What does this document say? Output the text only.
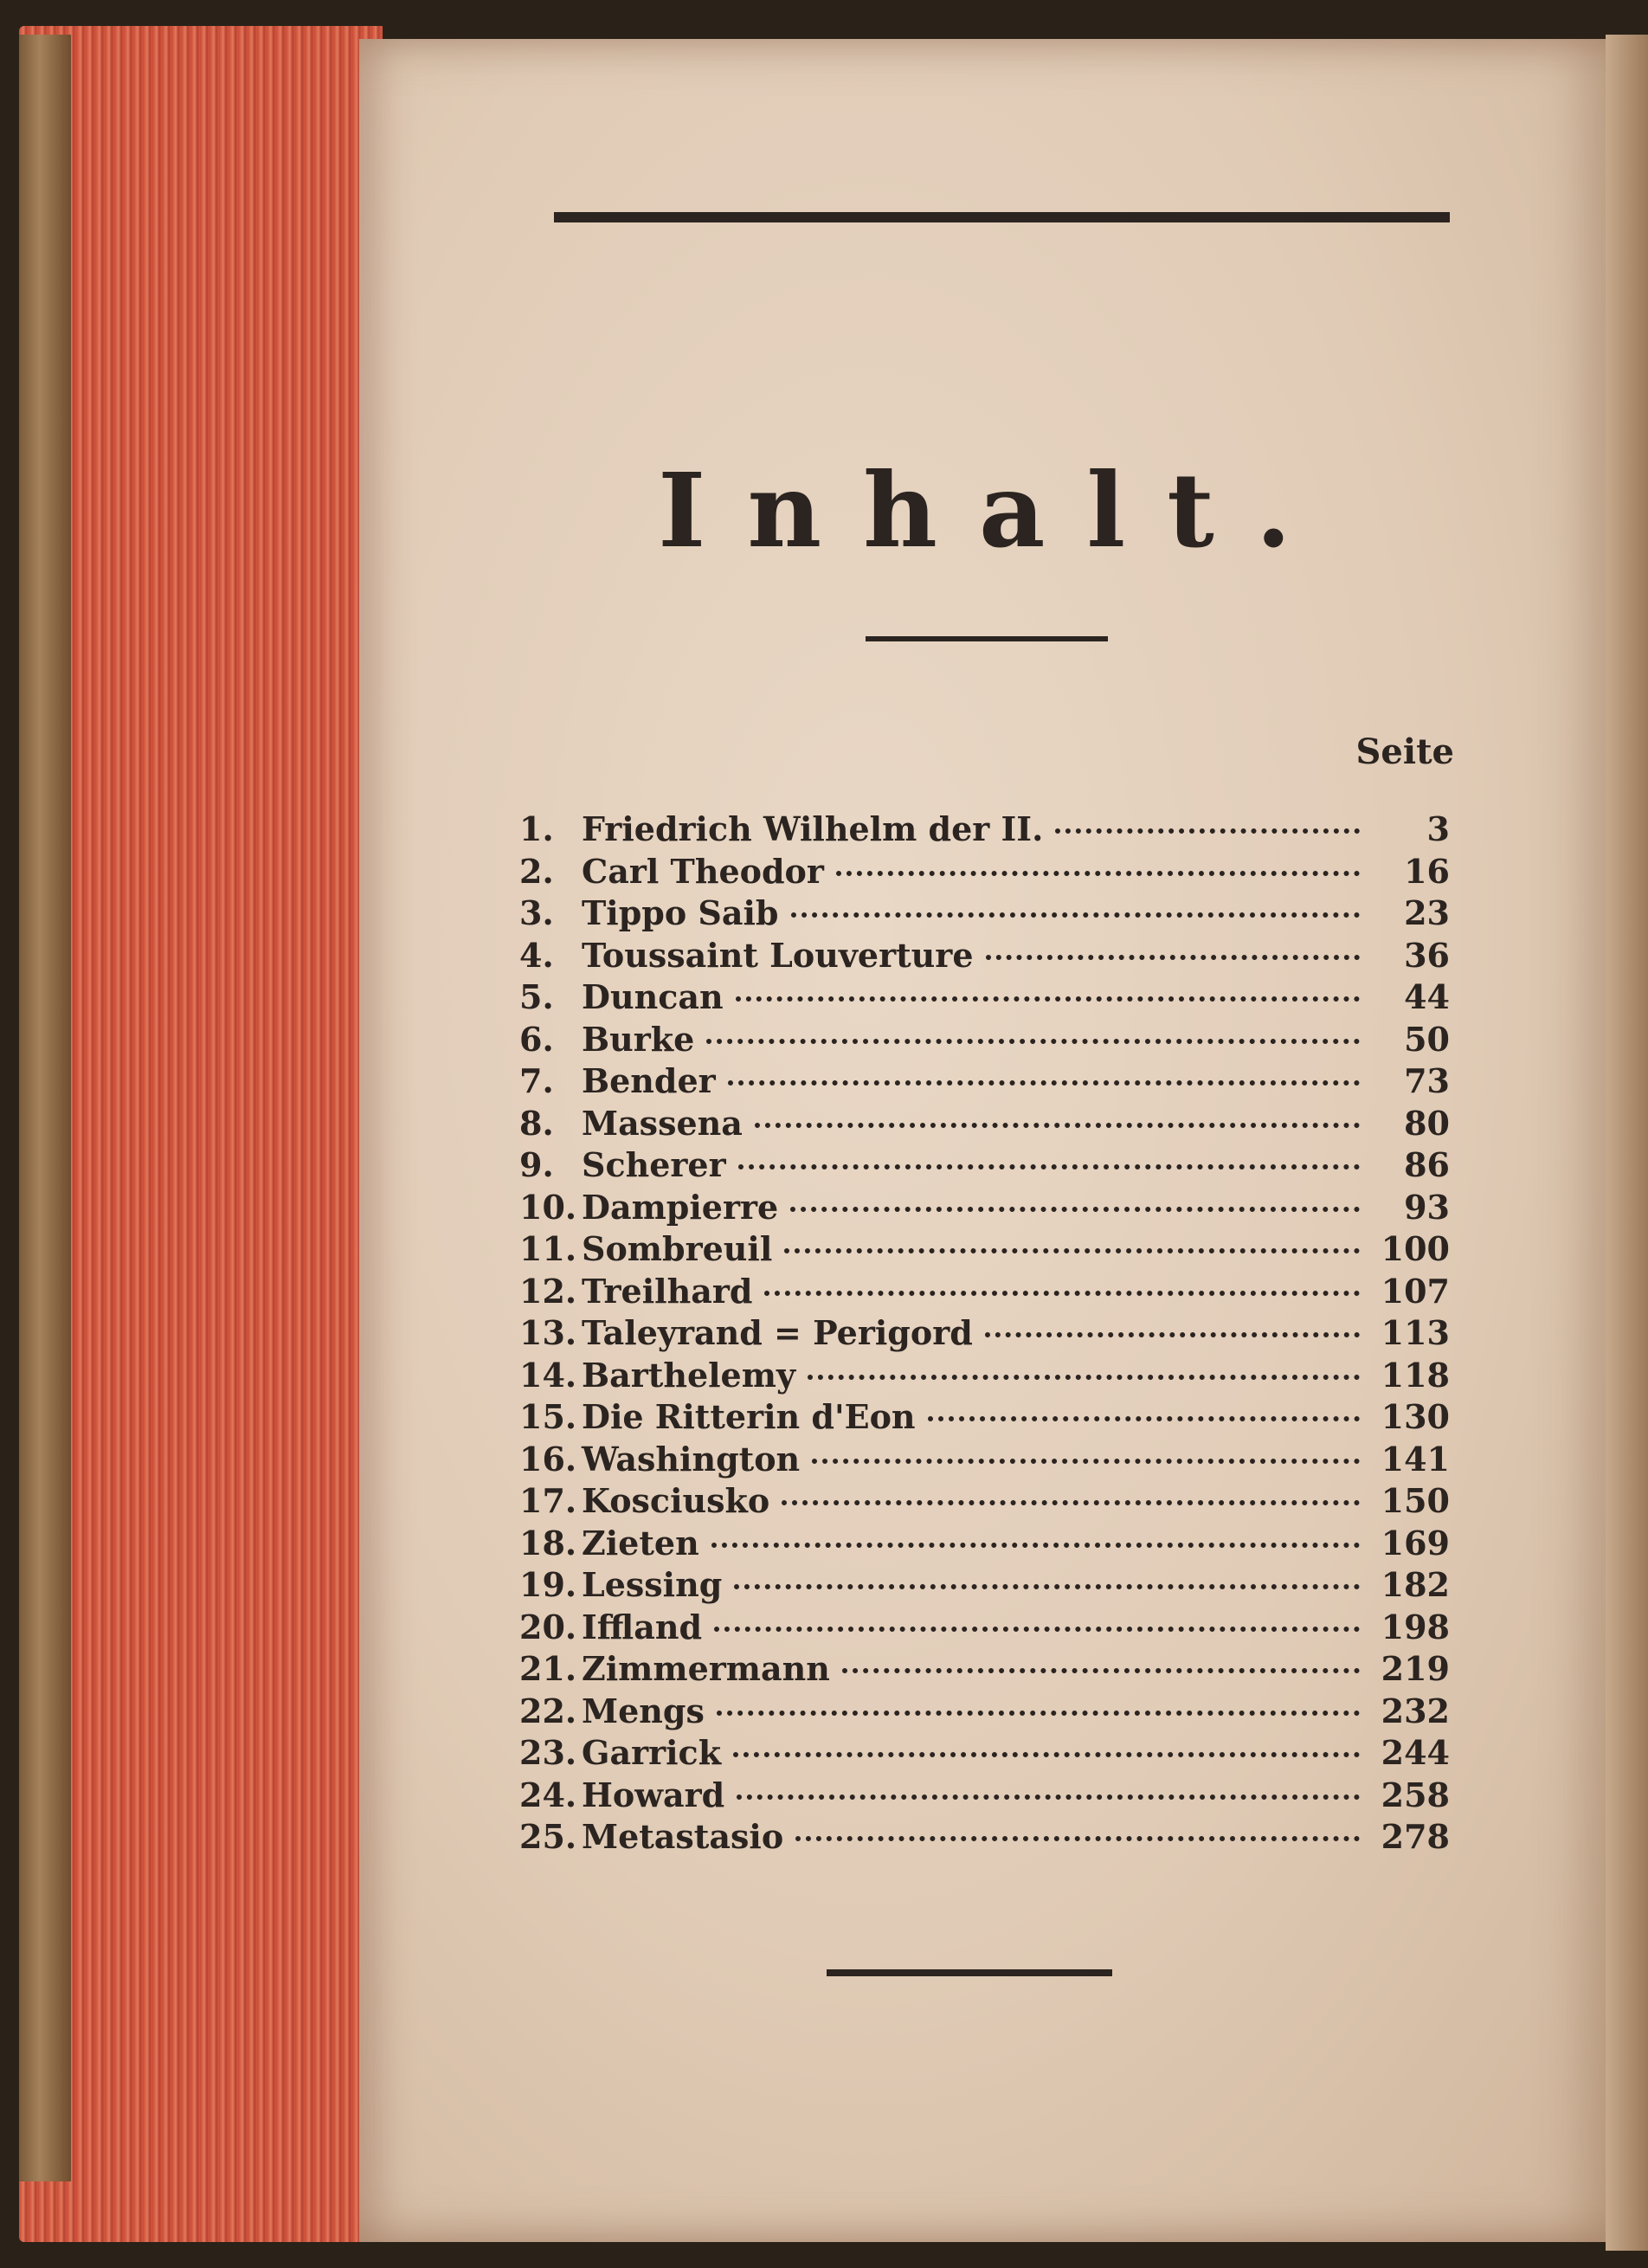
Inhalt.
Seite
1. Friedrich Wilhelm der II.	3
2. Carl Theodor	16
3. Tippo Saib	23
4. Toussaint Louverture	36
5. Duncan	44
6. Burke	50
7. Bender	73
8. Massena	80
9. Scherer	86
10. Dampierre	93
11. Sombreuil	100
12. Treilhard	107
13. Taleyrand = Perigord	113
14. Barthelemy	118
15. Die Ritterin d'Eon	130
16. Washington	141
17. Kosciusko	150
18. Zieten	169
19. Lessing	182
20. Iffland	198
21. Zimmermann	219
22. Mengs	232
23. Garrick	244
24. Howard	258
25. Metastasio	278
